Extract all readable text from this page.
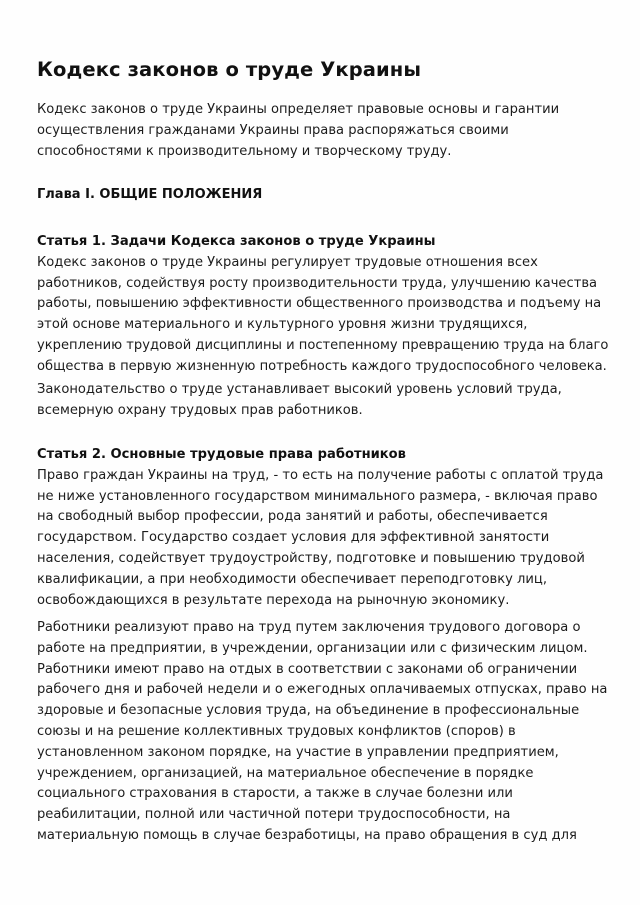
Кодекс законов о труде Украины

Кодекс законов о труде Украины определяет правовые основы и гарантии
осуществления гражданами Украины права распоряжаться своими
способностями к производительному и творческому труду.

Глава I. ОБЩИЕ ПОЛОЖЕНИЯ

Статья 1. Задачи Кодекса законов о труде Украины
Кодекс законов о труде Украины регулирует трудовые отношения всех
работников, содействуя росту производительности труда, улучшению качества
работы, повышению эффективности общественного производства и подъему на
этой основе материального и культурного уровня жизни трудящихся,
укреплению трудовой дисциплины и постепенному превращению труда на благо
общества в первую жизненную потребность каждого трудоспособного человека.

Законодательство о труде устанавливает высокий уровень условий труда,
всемерную охрану трудовых прав работников.

Статья 2. Основные трудовые права работников
Право граждан Украины на труд, - то есть на получение работы с оплатой труда
не ниже установленного государством минимального размера, - включая право
на свободный выбор профессии, рода занятий и работы, обеспечивается
государством. Государство создает условия для эффективной занятости
населения, содействует трудоустройству, подготовке и повышению трудовой
квалификации, а при необходимости обеспечивает переподготовку лиц,
освобождающихся в результате перехода на рыночную экономику.

Работники реализуют право на труд путем заключения трудового договора о
работе на предприятии, в учреждении, организации или с физическим лицом.
Работники имеют право на отдых в соответствии с законами об ограничении
рабочего дня и рабочей недели и о ежегодных оплачиваемых отпусках, право на
здоровые и безопасные условия труда, на объединение в профессиональные
союзы и на решение коллективных трудовых конфликтов (споров) в
установленном законом порядке, на участие в управлении предприятием,
учреждением, организацией, на материальное обеспечение в порядке
социального страхования в старости, а также в случае болезни или
реабилитации, полной или частичной потери трудоспособности, на
материальную помощь в случае безработицы, на право обращения в суд для
